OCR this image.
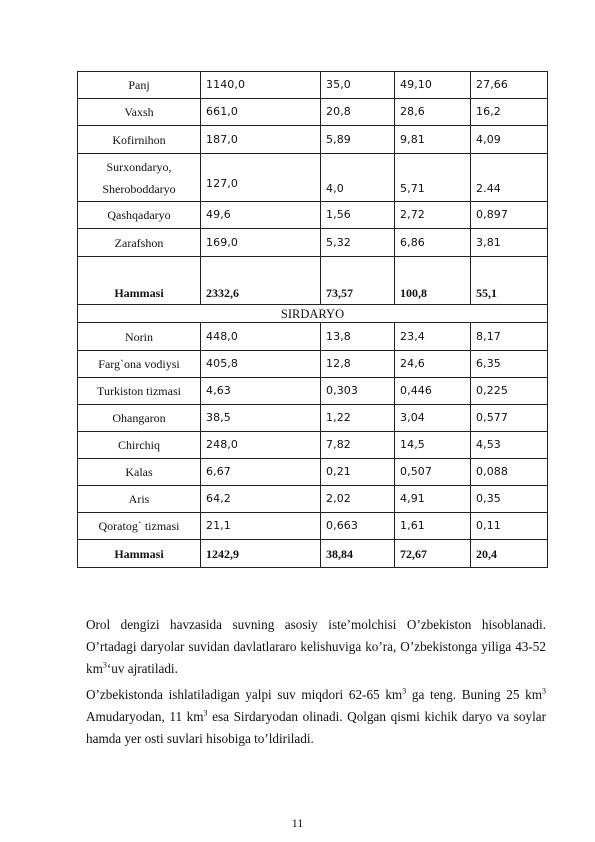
Panj	1140,0	35,0	49,10	27,66

Vaxsh	661,0	20,8	28,6	16,2

Kofirnihon	187,0	5,89	9,81	4,09

Surxondaryo,
Sheroboddaryo	127,0	4,0	5,71	2.44

Qashqadaryo	49,6	1,56	2,72	0,897

Zarafshon	169,0	5,32	6,86	3,81
Hammasi	2332,6	73,57	100,8	55,1
SIRDARYO				
Norin	448,0	13,8	23,4	8,17
Farg`ona vodiysi	405,8	12,8	24,6	6,35
Turkiston tizmasi	4,63	0,303	0,446	0,225
Ohangaron	38,5	1,22	3,04	0,577
Chirchiq	248,0	7,82	14,5	4,53
Kalas	6,67	0,21	0,507	0,088
Aris	64,2	2,02	4,91	0,35
Qoratog` tizmasi	21,1	0,663	1,61	0,11
Hammasi	1242,9	38,84	72,67	20,4

Orol dengizi havzasida suvning asosiy iste’molchisi O’zbekiston hisoblanadi. O’rtadagi daryolar suvidan davlatlararo kelishuviga ko’ra, O’zbekistonga yiliga 43-52 $km^3‘uv$ ajratiladi.

O’zbekistonda ishlatiladigan yalpi suv miqdori 62-65 $km^3$ ga teng. Buning 25 $km^3$ Amudaryodan, 11 $km^3$ esa Sirdaryodan olinadi. Qolgan qismi kichik daryo va soylar hamda yer osti suvlari hisobiga to’ldiriladi.

11
